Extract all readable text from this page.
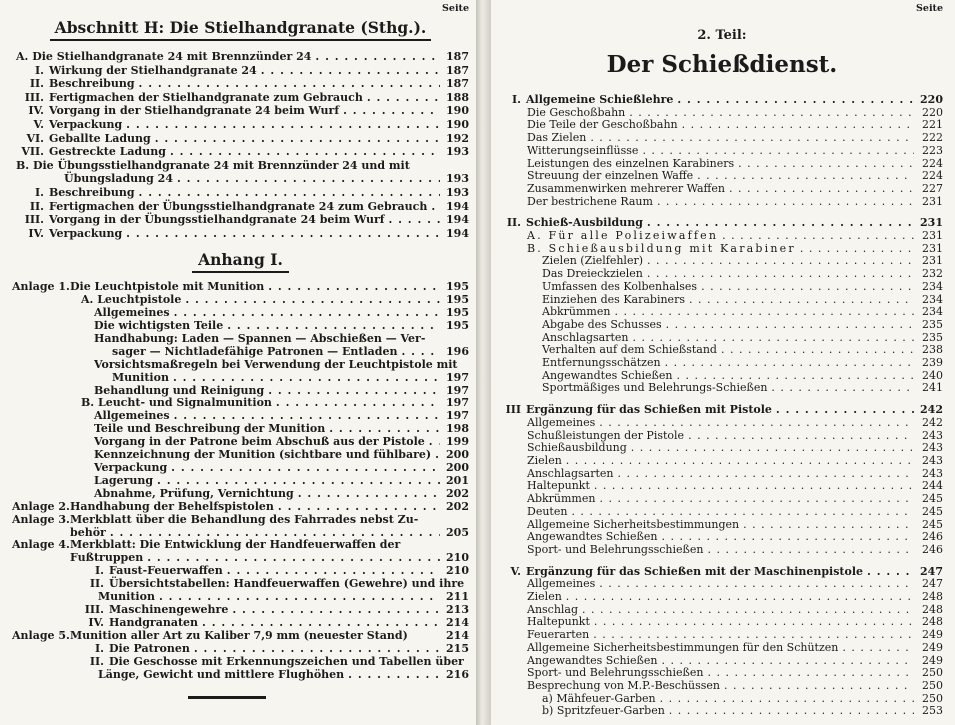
Seite
Abschnitt H: Die Stielhandgranate (Sthg.).
A. Die Stielhandgranate 24 mit Brennzünder 24 . . .	187
I. Wirkung der Stielhandgranate 24 . . .	187
II. Beschreibung . . .	187
III. Fertigmachen der Stielhandgranate zum Gebrauch . . .	188
IV. Vorgang in der Stielhandgranate 24 beim Wurf . . .	190
V. Verpackung . . .	190
VI. Geballte Ladung . . .	192
VII. Gestreckte Ladung . . .	193
B. Die Übungsstielhandgranate 24 mit Brennzünder 24 und mit
Übungsladung 24 . . .	193
I. Beschreibung . . .	193
II. Fertigmachen der Übungsstielhandgranate 24 zum Gebrauch . . . 194
III. Vorgang in der Übungsstielhandgranate 24 beim Wurf . . .	194
IV. Verpackung . . .	194
Anhang I.
Anlage 1. Die Leuchtpistole mit Munition . . .	195
A. Leuchtpistole . . .	195
Allgemeines . . .	195
Die wichtigsten Teile . . .	195
Handhabung: Laden — Spannen — Abschießen — Ver-
sager — Nichtladefähige Patronen — Entladen . . .	196
Vorsichtsmaßregeln bei Verwendung der Leuchtpistole mit
Munition . . .	197
Behandlung und Reinigung . . .	197
B. Leucht- und Signalmunition . . .	197
Allgemeines . . .	197
Teile und Beschreibung der Munition . . .	198
Vorgang in der Patrone beim Abschuß aus der Pistole . . . 199
Kennzeichnung der Munition (sichtbare und fühlbare) . . . 200
Verpackung . . .	200
Lagerung . . .	201
Abnahme, Prüfung, Vernichtung . . .	202
Anlage 2. Handhabung der Behelfspistolen . . .	202
Anlage 3. Merkblatt über die Behandlung des Fahrrades nebst Zu-
behör . . .	205
Anlage 4. Merkblatt: Die Entwicklung der Handfeuerwaffen der
Fußtruppen . . .	210
I. Faust-Feuerwaffen . . .	210
II. Übersichtstabellen: Handfeuerwaffen (Gewehre) und ihre
Munition . . .	211
III. Maschinengewehre . . .	213
IV. Handgranaten . . .	214
Anlage 5. Munition aller Art zu Kaliber 7,9 mm (neuester Stand)	214
I. Die Patronen . . .	215
II. Die Geschosse mit Erkennungszeichen und Tabellen über
Länge, Gewicht und mittlere Flughöhen . . .	216
Seite
2. Teil:
Der Schießdienst.
I. Allgemeine Schießlehre . . .	220
Die Geschoßbahn . . .	220
Die Teile der Geschoßbahn . . .	221
Das Zielen . . .	222
Witterungseinflüsse . . .	223
Leistungen des einzelnen Karabiners . . .	224
Streuung der einzelnen Waffe . . .	224
Zusammenwirken mehrerer Waffen . . .	227
Der bestrichene Raum . . .	231
II. Schieß-Ausbildung . . .	231
A. Für alle Polizeiwaffen . . .	231
B. Schießausbildung mit Karabiner . . .	231
Zielen (Zielfehler) . . .	231
Das Dreieckzielen . . .	232
Umfassen des Kolbenhalses . . .	234
Einziehen des Karabiners . . .	234
Abkrümmen . . .	234
Abgabe des Schusses . . .	235
Anschlagsarten . . .	235
Verhalten auf dem Schießstand . . .	238
Entfernungsschätzen . . .	239
Angewandtes Schießen . . .	240
Sportmäßiges und Belehrungs-Schießen . . .	241
III Ergänzung für das Schießen mit Pistole . . .	242
Allgemeines . . .	242
Schußleistungen der Pistole . . .	243
Schießausbildung . . .	243
Zielen . . .	243
Anschlagsarten . . .	243
Haltepunkt . . .	244
Abkrümmen . . .	245
Deuten . . .	245
Allgemeine Sicherheitsbestimmungen . . .	245
Angewandtes Schießen . . .	246
Sport- und Belehrungsschießen . . .	246
V. Ergänzung für das Schießen mit der Maschinenpistole . . .	247
Allgemeines . . .	247
Zielen . . .	248
Anschlag . . .	248
Haltepunkt . . .	248
Feuerarten . . .	249
Allgemeine Sicherheitsbestimmungen für den Schützen . . .	249
Angewandtes Schießen . . .	249
Sport- und Belehrungsschießen . . .	250
Besprechung von M.P.-Beschüssen . . .	250
a) Mähfeuer-Garben . . .	250
b) Spritzfeuer-Garben . . .	253
